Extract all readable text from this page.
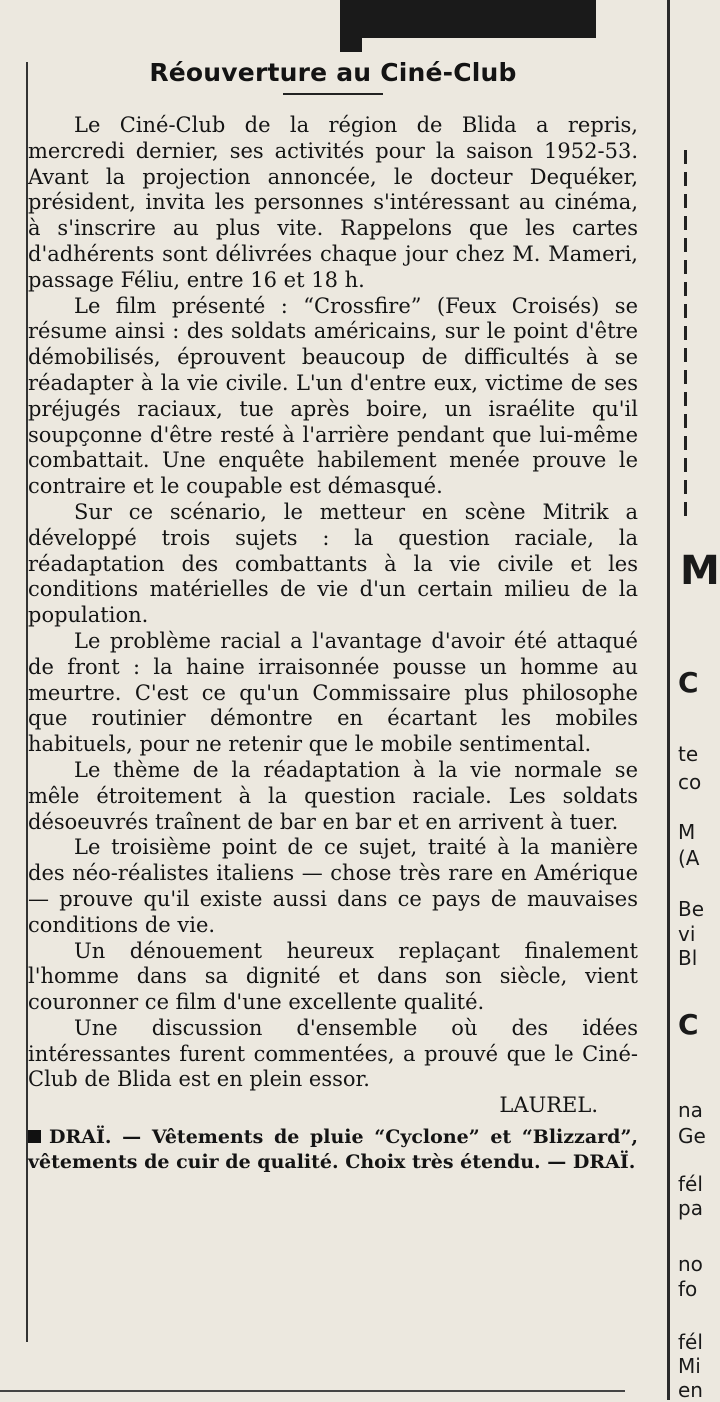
Réouverture au Ciné-Club

Le Ciné-Club de la région de Blida a repris, mercredi dernier, ses activités pour la saison 1952-53. Avant la projection annoncée, le docteur Dequéker, président, invita les personnes s'intéressant au cinéma, à s'inscrire au plus vite. Rappelons que les cartes d'adhérents sont délivrées chaque jour chez M. Mameri, passage Féliu, entre 16 et 18 h.

Le film présenté : “Crossfire” (Feux Croisés) se résume ainsi : des soldats américains, sur le point d'être démobilisés, éprouvent beaucoup de difficultés à se réadapter à la vie civile. L'un d'entre eux, victime de ses préjugés raciaux, tue après boire, un israélite qu'il soupçonne d'être resté à l'arrière pendant que lui-même combattait. Une enquête habilement menée prouve le contraire et le coupable est démasqué.

Sur ce scénario, le metteur en scène Mitrik a développé trois sujets : la question raciale, la réadaptation des combattants à la vie civile et les conditions matérielles de vie d'un certain milieu de la population.

Le problème racial a l'avantage d'avoir été attaqué de front : la haine irraisonnée pousse un homme au meurtre. C'est ce qu'un Commissaire plus philosophe que routinier démontre en écartant les mobiles habituels, pour ne retenir que le mobile sentimental.

Le thème de la réadaptation à la vie normale se mêle étroitement à la question raciale. Les soldats désoeuvrés traînent de bar en bar et en arrivent à tuer.

Le troisième point de ce sujet, traité à la manière des néo-réalistes italiens — chose très rare en Amérique — prouve qu'il existe aussi dans ce pays de mauvaises conditions de vie.

Un dénouement heureux replaçant finalement l'homme dans sa dignité et dans son siècle, vient couronner ce film d'une excellente qualité.

Une discussion d'ensemble où des idées intéressantes furent commentées, a prouvé que le Ciné-Club de Blida est en plein essor.

LAUREL.

DRAÏ. — Vêtements de pluie “Cyclone” et “Blizzard”, vêtements de cuir de qualité. Choix très étendu. — DRAÏ.

M
C
te
co
M
(A
Be
vi
Bl
C
na
Ge
fél
pa
no
fo
fél
Mi
en
